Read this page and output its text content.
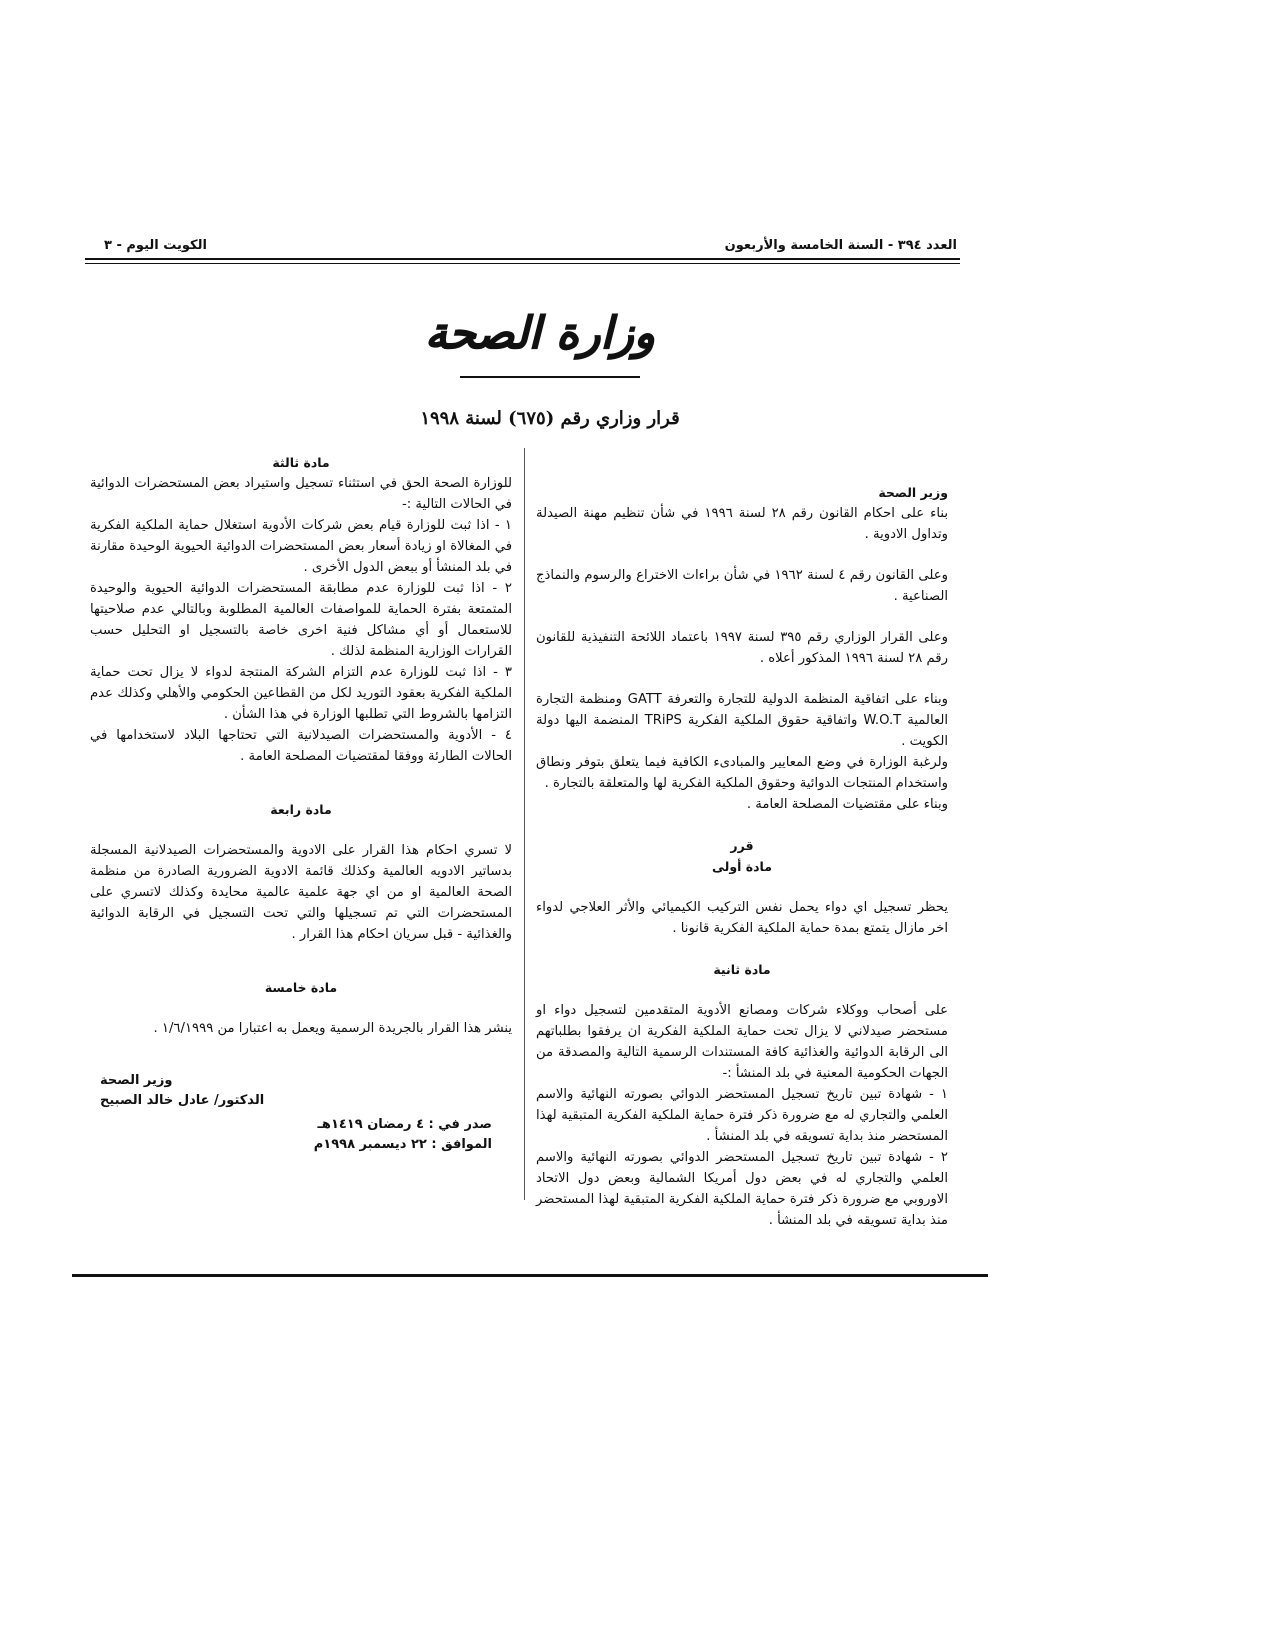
الكويت اليوم - ٣	العدد ٣٩٤ - السنة الخامسة والأربعون
وزارة الصحة
قرار وزاري رقم (٦٧٥) لسنة ١٩٩٨

وزير الصحة

بناء على احكام القانون رقم ٢٨ لسنة ١٩٩٦ في شأن تنظيم مهنة الصيدلة وتداول الادوية .

وعلى القانون رقم ٤ لسنة ١٩٦٢ في شأن براءات الاختراع والرسوم والنماذج الصناعية .

وعلى القرار الوزاري رقم ٣٩٥ لسنة ١٩٩٧ باعتماد اللائحة التنفيذية للقانون رقم ٢٨ لسنة ١٩٩٦ المذكور أعلاه .

وبناء على اتفاقية المنظمة الدولية للتجارة والتعرفة GATT ومنظمة التجارة العالمية W.O.T واتفاقية حقوق الملكية الفكرية TRiPS المنضمة اليها دولة الكويت .

ولرغبة الوزارة في وضع المعايير والمبادىء الكافية فيما يتعلق بتوفر ونطاق واستخدام المنتجات الدوائية وحقوق الملكية الفكرية لها والمتعلقة بالتجارة .

وبناء على مقتضيات المصلحة العامة .

قرر

مادة أولى

يحظر تسجيل اي دواء يحمل نفس التركيب الكيميائي والأثر العلاجي لدواء اخر مازال يتمتع بمدة حماية الملكية الفكرية قانونا .

مادة ثانية

على أصحاب ووكلاء شركات ومصانع الأدوية المتقدمين لتسجيل دواء او مستحضر صيدلاني لا يزال تحت حماية الملكية الفكرية ان يرفقوا بطلباتهم الى الرقابة الدوائية والغذائية كافة المستندات الرسمية التالية والمصدقة من الجهات الحكومية المعنية في بلد المنشأ :-

١ - شهادة تبين تاريخ تسجيل المستحضر الدوائي بصورته النهائية والاسم العلمي والتجاري له مع ضرورة ذكر فترة حماية الملكية الفكرية المتبقية لهذا المستحضر منذ بداية تسويقه في بلد المنشأ .

٢ - شهادة تبين تاريخ تسجيل المستحضر الدوائي بصورته النهائية والاسم العلمي والتجاري له في بعض دول أمريكا الشمالية وبعض دول الاتحاد الاوروبي مع ضرورة ذكر فترة حماية الملكية الفكرية المتبقية لهذا المستحضر منذ بداية تسويقه في بلد المنشأ .

مادة ثالثة

للوزارة الصحة الحق في استثناء تسجيل واستيراد بعض المستحضرات الدوائية في الحالات التالية :-

١ - اذا ثبت للوزارة قيام بعض شركات الأدوية استغلال حماية الملكية الفكرية في المغالاة او زيادة أسعار بعض المستحضرات الدوائية الحيوية الوحيدة مقارنة في بلد المنشأ أو ببعض الدول الأخرى .

٢ - اذا ثبت للوزارة عدم مطابقة المستحضرات الدوائية الحيوية والوحيدة المتمتعة بفترة الحماية للمواصفات العالمية المطلوبة وبالتالي عدم صلاحيتها للاستعمال أو أي مشاكل فنية اخرى خاصة بالتسجيل او التحليل حسب القرارات الوزارية المنظمة لذلك .

٣ - اذا ثبت للوزارة عدم التزام الشركة المنتجة لدواء لا يزال تحت حماية الملكية الفكرية بعقود التوريد لكل من القطاعين الحكومي والأهلي وكذلك عدم التزامها بالشروط التي تطلبها الوزارة في هذا الشأن .

٤ - الأدوية والمستحضرات الصيدلانية التي تحتاجها البلاد لاستخدامها في الحالات الطارئة ووفقا لمقتضيات المصلحة العامة .

مادة رابعة

لا تسري احكام هذا القرار على الادوية والمستحضرات الصيدلانية المسجلة بدساتير الادويه العالمية وكذلك قائمة الادوية الضرورية الصادرة من منظمة الصحة العالمية او من اي جهة علمية عالمية محايدة وكذلك لاتسري على المستحضرات التي تم تسجيلها والتي تحت التسجيل في الرقابة الدوائية والغذائية - قبل سريان احكام هذا القرار .

مادة خامسة

ينشر هذا القرار بالجريدة الرسمية ويعمل به اعتبارا من ١/٦/١٩٩٩ .

وزير الصحة
الدكتور/ عادل خالد الصبيح
صدر في : ٤ رمضان ١٤١٩هـ
الموافق : ٢٢ ديسمبر ١٩٩٨م
